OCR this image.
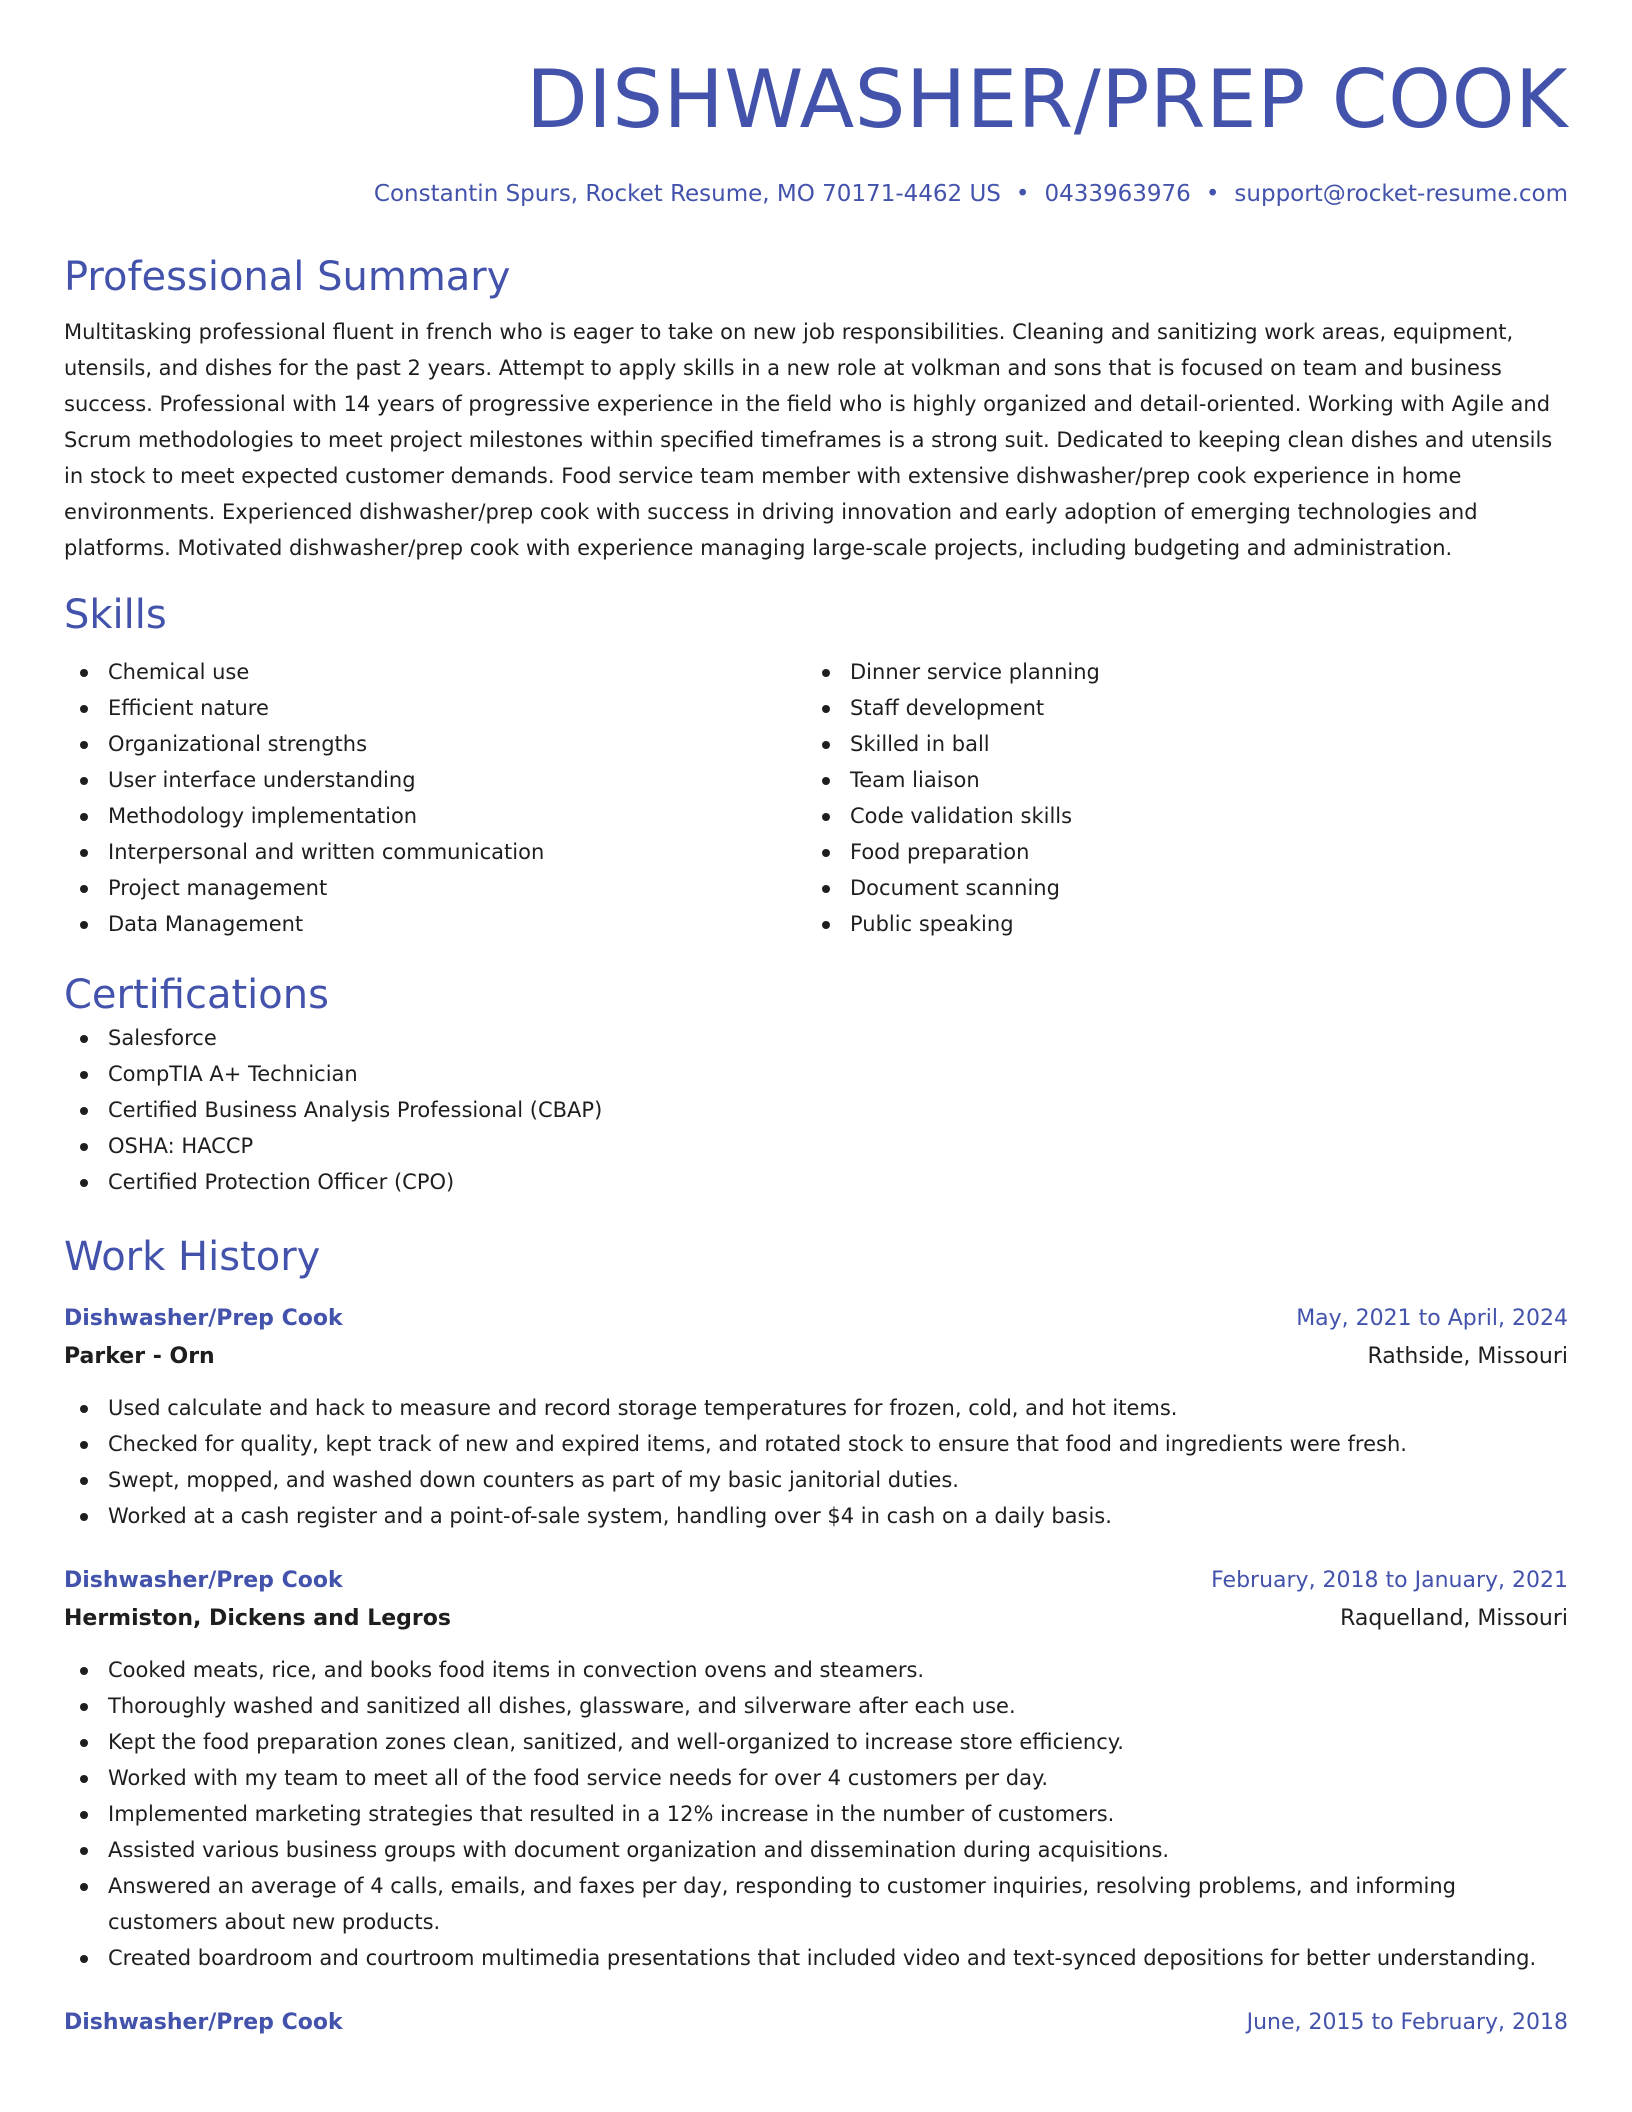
DISHWASHER/PREP COOK
Constantin Spurs, Rocket Resume, MO 70171-4462 US • 0433963976 • support@rocket-resume.com
Professional Summary

Multitasking professional fluent in french who is eager to take on new job responsibilities. Cleaning and sanitizing work areas, equipment, utensils, and dishes for the past 2 years. Attempt to apply skills in a new role at volkman and sons that is focused on team and business success. Professional with 14 years of progressive experience in the field who is highly organized and detail-oriented. Working with Agile and Scrum methodologies to meet project milestones within specified timeframes is a strong suit. Dedicated to keeping clean dishes and utensils in stock to meet expected customer demands. Food service team member with extensive dishwasher/prep cook experience in home environments. Experienced dishwasher/prep cook with success in driving innovation and early adoption of emerging technologies and platforms. Motivated dishwasher/prep cook with experience managing large-scale projects, including budgeting and administration.

Skills
Chemical use
Efficient nature
Organizational strengths
User interface understanding
Methodology implementation
Interpersonal and written communication
Project management
Data Management
Dinner service planning
Staff development
Skilled in ball
Team liaison
Code validation skills
Food preparation
Document scanning
Public speaking
Certifications
Salesforce
CompTIA A+ Technician
Certified Business Analysis Professional (CBAP)
OSHA: HACCP
Certified Protection Officer (CPO)
Work History
Dishwasher/Prep Cook	May, 2021 to April, 2024
Parker - Orn	Rathside, Missouri
Used calculate and hack to measure and record storage temperatures for frozen, cold, and hot items.
Checked for quality, kept track of new and expired items, and rotated stock to ensure that food and ingredients were fresh.
Swept, mopped, and washed down counters as part of my basic janitorial duties.
Worked at a cash register and a point-of-sale system, handling over $4 in cash on a daily basis.
Dishwasher/Prep Cook	February, 2018 to January, 2021
Hermiston, Dickens and Legros	Raquelland, Missouri
Cooked meats, rice, and books food items in convection ovens and steamers.
Thoroughly washed and sanitized all dishes, glassware, and silverware after each use.
Kept the food preparation zones clean, sanitized, and well-organized to increase store efficiency.
Worked with my team to meet all of the food service needs for over 4 customers per day.
Implemented marketing strategies that resulted in a 12% increase in the number of customers.
Assisted various business groups with document organization and dissemination during acquisitions.
Answered an average of 4 calls, emails, and faxes per day, responding to customer inquiries, resolving problems, and informing customers about new products.
Created boardroom and courtroom multimedia presentations that included video and text-synced depositions for better understanding.
Dishwasher/Prep Cook	June, 2015 to February, 2018
